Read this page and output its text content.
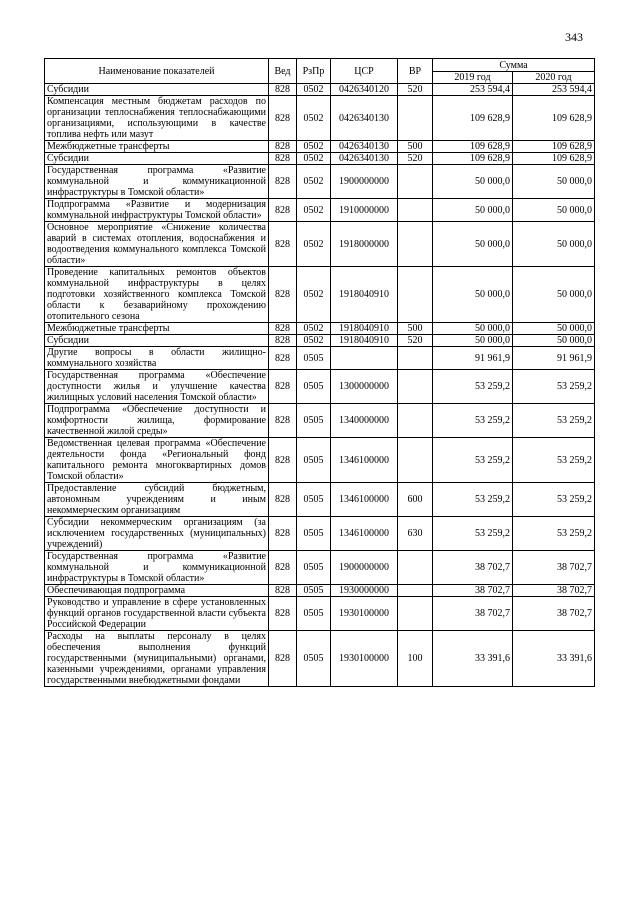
343
Наименование показателей	Вед	РзПр	ЦСР	ВР	Сумма	
					2019 год	2020 год
Субсидии	828	0502	0426340120	520	253 594,4	253 594,4
Компенсация местным бюджетам расходов по организации теплоснабжения теплоснабжающими организациями, использующими в качестве топлива нефть или мазут	828	0502	0426340130		109 628,9	109 628,9
Межбюджетные трансферты	828	0502	0426340130	500	109 628,9	109 628,9
Субсидии	828	0502	0426340130	520	109 628,9	109 628,9
Государственная программа «Развитие коммунальной и коммуникационной инфраструктуры в Томской области»	828	0502	1900000000		50 000,0	50 000,0
Подпрограмма «Развитие и модернизация коммунальной инфраструктуры Томской области»	828	0502	1910000000		50 000,0	50 000,0
Основное мероприятие «Снижение количества аварий в системах отопления, водоснабжения и водоотведения коммунального комплекса Томской области»	828	0502	1918000000		50 000,0	50 000,0
Проведение капитальных ремонтов объектов коммунальной инфраструктуры в целях подготовки хозяйственного комплекса Томской области к безаварийному прохождению отопительного сезона	828	0502	1918040910		50 000,0	50 000,0
Межбюджетные трансферты	828	0502	1918040910	500	50 000,0	50 000,0
Субсидии	828	0502	1918040910	520	50 000,0	50 000,0
Другие вопросы в области жилищно-коммунального хозяйства	828	0505			91 961,9	91 961,9
Государственная программа «Обеспечение доступности жилья и улучшение качества жилищных условий населения Томской области»	828	0505	1300000000		53 259,2	53 259,2
Подпрограмма «Обеспечение доступности и комфортности жилища, формирование качественной жилой среды»	828	0505	1340000000		53 259,2	53 259,2
Ведомственная целевая программа «Обеспечение деятельности фонда «Региональный фонд капитального ремонта многоквартирных домов Томской области»	828	0505	1346100000		53 259,2	53 259,2
Предоставление субсидий бюджетным, автономным учреждениям и иным некоммерческим организациям	828	0505	1346100000	600	53 259,2	53 259,2
Субсидии некоммерческим организациям (за исключением государственных (муниципальных) учреждений)	828	0505	1346100000	630	53 259,2	53 259,2
Государственная программа «Развитие коммунальной и коммуникационной инфраструктуры в Томской области»	828	0505	1900000000		38 702,7	38 702,7
Обеспечивающая подпрограмма	828	0505	1930000000		38 702,7	38 702,7
Руководство и управление в сфере установленных функций органов государственной власти субъекта Российской Федерации	828	0505	1930100000		38 702,7	38 702,7
Расходы на выплаты персоналу в целях обеспечения выполнения функций государственными (муниципальными) органами, казенными учреждениями, органами управления государственными внебюджетными фондами	828	0505	1930100000	100	33 391,6	33 391,6
